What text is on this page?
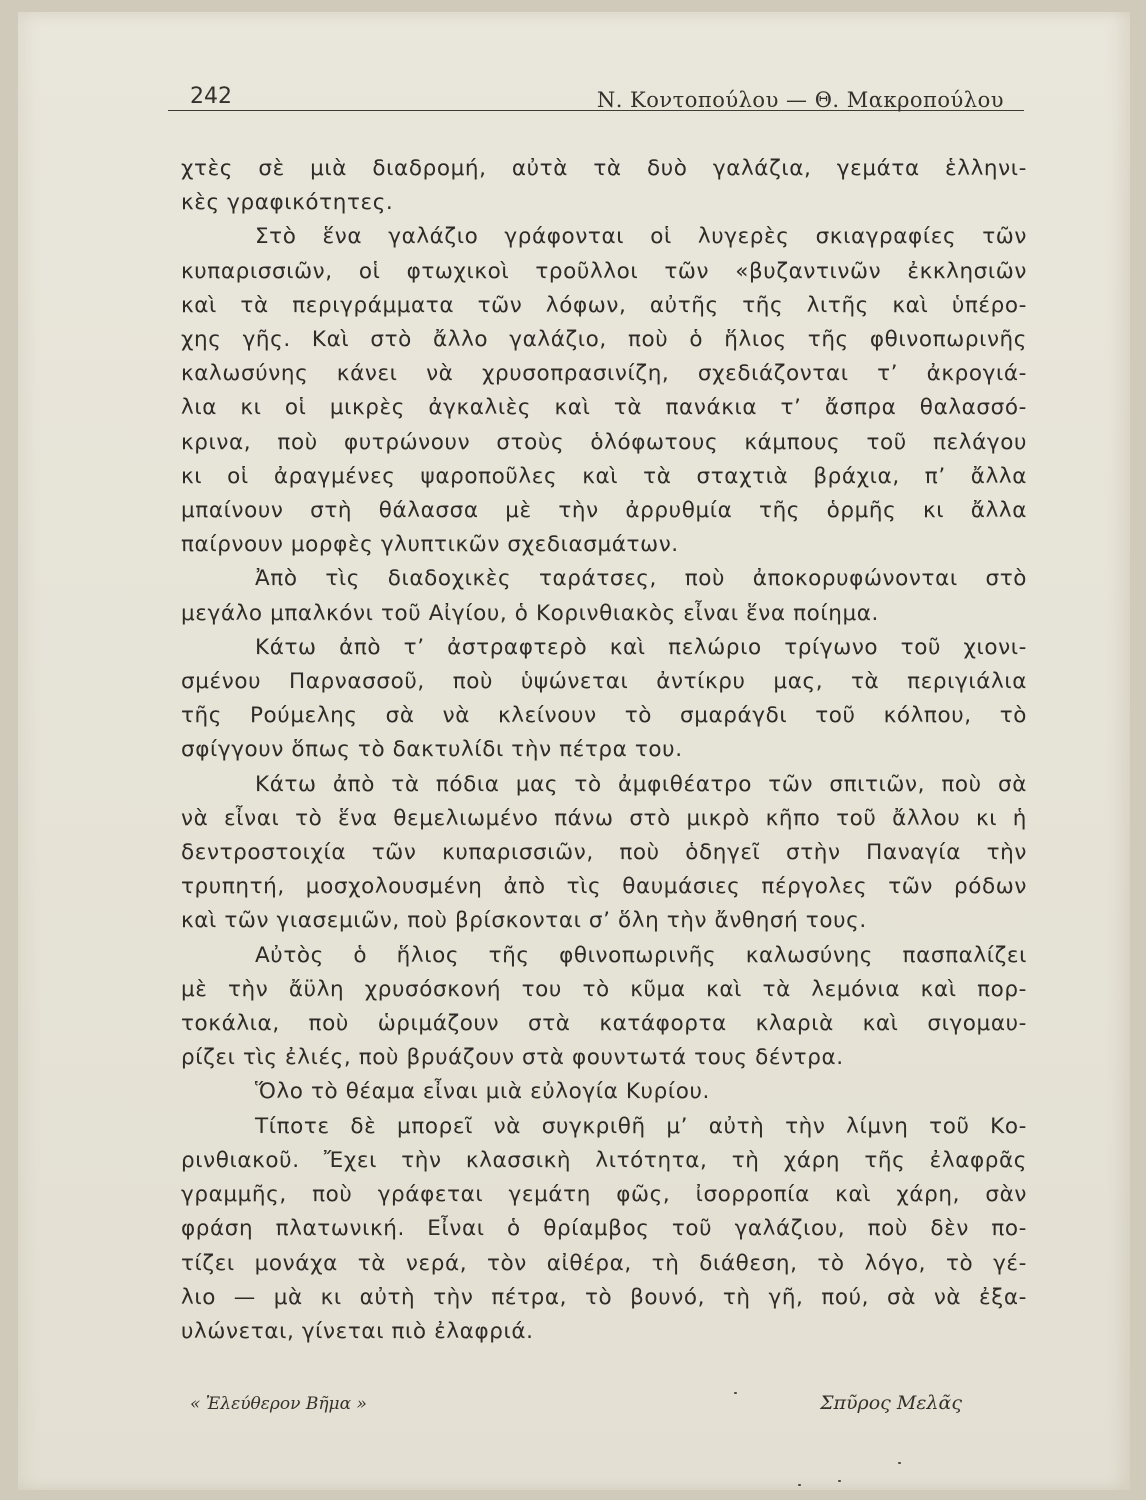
242	Ν. Κοντοπούλου — Θ. Μακροπούλου
χτὲς σὲ μιὰ διαδρομή, αὐτὰ τὰ δυὸ γαλάζια, γεμάτα ἑλληνι-
κὲς γραφικότητες.
Στὸ ἕνα γαλάζιο γράφονται οἱ λυγερὲς σκιαγραφίες τῶν
κυπαρισσιῶν, οἱ φτωχικοὶ τροῦλλοι τῶν «βυζαντινῶν ἐκκλησιῶν
καὶ τὰ περιγράμματα τῶν λόφων, αὐτῆς τῆς λιτῆς καὶ ὑπέρο-
χης γῆς. Καὶ στὸ ἄλλο γαλάζιο, ποὺ ὁ ἥλιος τῆς φθινοπωρινῆς
καλωσύνης κάνει νὰ χρυσοπρασινίζη, σχεδιάζονται τ’ ἀκρογιά-
λια κι οἱ μικρὲς ἀγκαλιὲς καὶ τὰ πανάκια τ’ ἄσπρα θαλασσό-
κρινα, ποὺ φυτρώνουν στοὺς ὁλόφωτους κάμπους τοῦ πελάγου
κι οἱ ἀραγμένες ψαροποῦλες καὶ τὰ σταχτιὰ βράχια, π’ ἄλλα
μπαίνουν στὴ θάλασσα μὲ τὴν ἀρρυθμία τῆς ὁρμῆς κι ἄλλα
παίρνουν μορφὲς γλυπτικῶν σχεδιασμάτων.
Ἀπὸ τὶς διαδοχικὲς ταράτσες, ποὺ ἀποκορυφώνονται στὸ
μεγάλο μπαλκόνι τοῦ Αἰγίου, ὁ Κορινθιακὸς εἶναι ἕνα ποίημα.
Κάτω ἀπὸ τ’ ἀστραφτερὸ καὶ πελώριο τρίγωνο τοῦ χιονι-
σμένου Παρνασσοῦ, ποὺ ὑψώνεται ἀντίκρυ μας, τὰ περιγιάλια
τῆς Ρούμελης σὰ νὰ κλείνουν τὸ σμαράγδι τοῦ κόλπου, τὸ
σφίγγουν ὅπως τὸ δακτυλίδι τὴν πέτρα του.
Κάτω ἀπὸ τὰ πόδια μας τὸ ἀμφιθέατρο τῶν σπιτιῶν, ποὺ σὰ
νὰ εἶναι τὸ ἕνα θεμελιωμένο πάνω στὸ μικρὸ κῆπο τοῦ ἄλλου κι ἡ
δεντροστοιχία τῶν κυπαρισσιῶν, ποὺ ὁδηγεῖ στὴν Παναγία τὴν
τρυπητή, μοσχολουσμένη ἀπὸ τὶς θαυμάσιες πέργολες τῶν ρόδων
καὶ τῶν γιασεμιῶν, ποὺ βρίσκονται σ’ ὅλη τὴν ἄνθησή τους.
Αὐτὸς ὁ ἥλιος τῆς φθινοπωρινῆς καλωσύνης πασπαλίζει
μὲ τὴν ἄϋλη χρυσόσκονή του τὸ κῦμα καὶ τὰ λεμόνια καὶ πορ-
τοκάλια, ποὺ ὡριμάζουν στὰ κατάφορτα κλαριὰ καὶ σιγομαυ-
ρίζει τὶς ἐλιές, ποὺ βρυάζουν στὰ φουντωτά τους δέντρα.
Ὅλο τὸ θέαμα εἶναι μιὰ εὐλογία Κυρίου.
Τίποτε δὲ μπορεῖ νὰ συγκριθῆ μ’ αὐτὴ τὴν λίμνη τοῦ Κο-
ρινθιακοῦ. Ἔχει τὴν κλασσικὴ λιτότητα, τὴ χάρη τῆς ἐλαφρᾶς
γραμμῆς, ποὺ γράφεται γεμάτη φῶς, ἰσορροπία καὶ χάρη, σὰν
φράση πλατωνική. Εἶναι ὁ θρίαμβος τοῦ γαλάζιου, ποὺ δὲν πο-
τίζει μονάχα τὰ νερά, τὸν αἰθέρα, τὴ διάθεση, τὸ λόγο, τὸ γέ-
λιο — μὰ κι αὐτὴ τὴν πέτρα, τὸ βουνό, τὴ γῆ, πού, σὰ νὰ ἐξα-
υλώνεται, γίνεται πιὸ ἐλαφριά.
« Ἐλεύθερον Βῆμα »	Σπῦρος Μελᾶς
